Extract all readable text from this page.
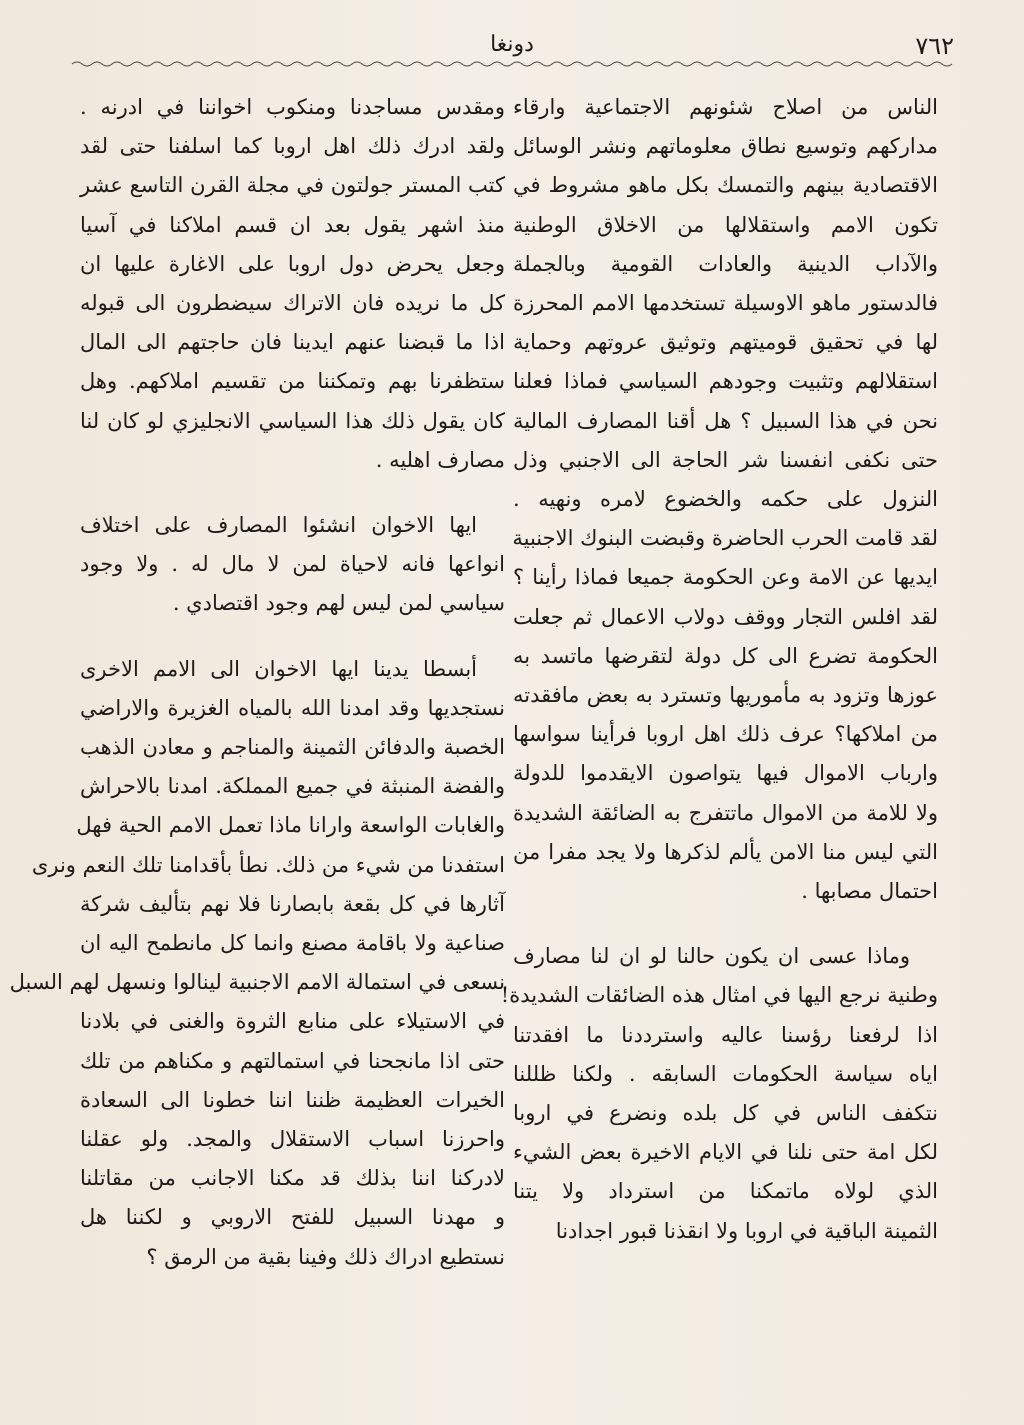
٧٦٢
دونغا
الناس من اصلاح شئونهم الاجتماعية وارقاء
مداركهم وتوسيع نطاق معلوماتهم ونشر الوسائل
الاقتصادية بينهم والتمسك بكل ماهو مشروط في
تكون الامم واستقلالها من الاخلاق الوطنية
والآداب الدينية والعادات القومية وبالجملة
فالدستور ماهو الاوسيلة تستخدمها الامم المحرزة
لها في تحقيق قوميتهم وتوثيق عروتهم وحماية
استقلالهم وتثبيت وجودهم السياسي فماذا فعلنا
نحن في هذا السبيل ؟ هل أقنا المصارف المالية
حتى نكفى انفسنا شر الحاجة الى الاجنبي وذل
النزول على حكمه والخضوع لامره ونهيه .
لقد قامت الحرب الحاضرة وقبضت البنوك الاجنبية
ايديها عن الامة وعن الحكومة جميعا فماذا رأينا ؟
لقد افلس التجار ووقف دولاب الاعمال ثم جعلت
الحكومة تضرع الى كل دولة لتقرضها ماتسد به
عوزها وتزود به مأموريها وتسترد به بعض مافقدته
من املاكها؟ عرف ذلك اهل اروبا فرأينا سواسها
وارباب الاموال فيها يتواصون الايقدموا للدولة
ولا للامة من الاموال ماتتفرج به الضائقة الشديدة
التي ليس منا الامن يألم لذكرها ولا يجد مفرا من
احتمال مصابها .
وماذا عسى ان يكون حالنا لو ان لنا مصارف
وطنية نرجع اليها في امثال هذه الضائقات الشديدة!
اذا لرفعنا رؤسنا عاليه واسترددنا ما افقدتنا
اياه سياسة الحكومات السابقه . ولكنا ظللنا
نتكفف الناس في كل بلده ونضرع في اروبا
لكل امة حتى نلنا في الايام الاخيرة بعض الشيء
الذي لولاه ماتمكنا من استرداد ولا يتنا
الثمينة الباقية في اروبا ولا انقذنا قبور اجدادنا
ومقدس مساجدنا ومنكوب اخواننا في ادرنه .
ولقد ادرك ذلك اهل اروبا كما اسلفنا حتى لقد
كتب المستر جولتون في مجلة القرن التاسع عشر
منذ اشهر يقول بعد ان قسم املاكنا في آسيا
وجعل يحرض دول اروبا على الاغارة عليها ان
كل ما نريده فان الاتراك سيضطرون الى قبوله
اذا ما قبضنا عنهم ايدينا فان حاجتهم الى المال
ستظفرنا بهم وتمكننا من تقسيم املاكهم. وهل
كان يقول ذلك هذا السياسي الانجليزي لو كان لنا
مصارف اهليه .
ايها الاخوان انشئوا المصارف على اختلاف
انواعها فانه لاحياة لمن لا مال له . ولا وجود
سياسي لمن ليس لهم وجود اقتصادي .
أبسطا يدينا ايها الاخوان الى الامم الاخرى
نستجديها وقد امدنا الله بالمياه الغزيرة والاراضي
الخصبة والدفائن الثمينة والمناجم و معادن الذهب
والفضة المنبثة في جميع المملكة. امدنا بالاحراش
والغابات الواسعة وارانا ماذا تعمل الامم الحية فهل
استفدنا من شيء من ذلك. نطأ بأقدامنا تلك النعم ونرى
آثارها في كل بقعة بابصارنا فلا نهم بتأليف شركة
صناعية ولا باقامة مصنع وانما كل مانطمح اليه ان
نسعى في استمالة الامم الاجنبية لينالوا ونسهل لهم السبل
في الاستيلاء على منابع الثروة والغنى في بلادنا
حتى اذا مانجحنا في استمالتهم و مكناهم من تلك
الخيرات العظيمة ظننا اننا خطونا الى السعادة
واحرزنا اسباب الاستقلال والمجد. ولو عقلنا
لادركنا اننا بذلك قد مكنا الاجانب من مقاتلنا
و مهدنا السبيل للفتح الاروبي و لكننا هل
نستطيع ادراك ذلك وفينا بقية من الرمق ؟
